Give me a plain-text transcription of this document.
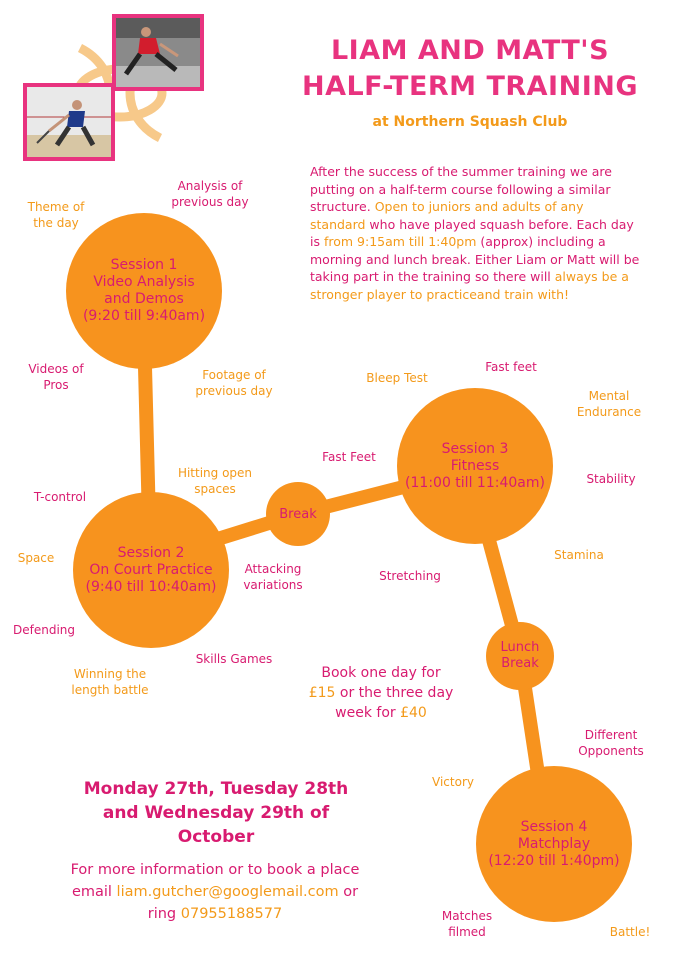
LIAM AND MATT'S
HALF-TERM TRAINING
at Northern Squash Club
After the success of the summer training we are putting on a half-term course following a similar structure. Open to juniors and adults of any standard who have played squash before. Each day is from 9:15am till 1:40pm (approx) including a morning and lunch break. Either Liam or Matt will be taking part in the training so there will always be a stronger player to practiceand train with!
Session 1
Video Analysis
and Demos
(9:20 till 9:40am)
Session 2
On Court Practice
(9:40 till 10:40am)
Session 3
Fitness
(11:00 till 11:40am)
Session 4
Matchplay
(12:20 till 1:40pm)
Break
Lunch
Break
Theme of the day
Analysis of previous day
Videos of Pros
Footage of previous day
Hitting open spaces
T-control
Space
Defending
Attacking variations
Winning the length battle
Skills Games
Bleep Test
Fast feet
Mental Endurance
Fast Feet
Stability
Stamina
Stretching
Different Opponents
Victory
Matches filmed	Battle!
Book one day for
£15 or the three day
week for £40
Monday 27th, Tuesday 28th
and Wednesday 29th of
October
For more information or to book a place
email liam.gutcher@googlemail.com or
ring 07955188577
